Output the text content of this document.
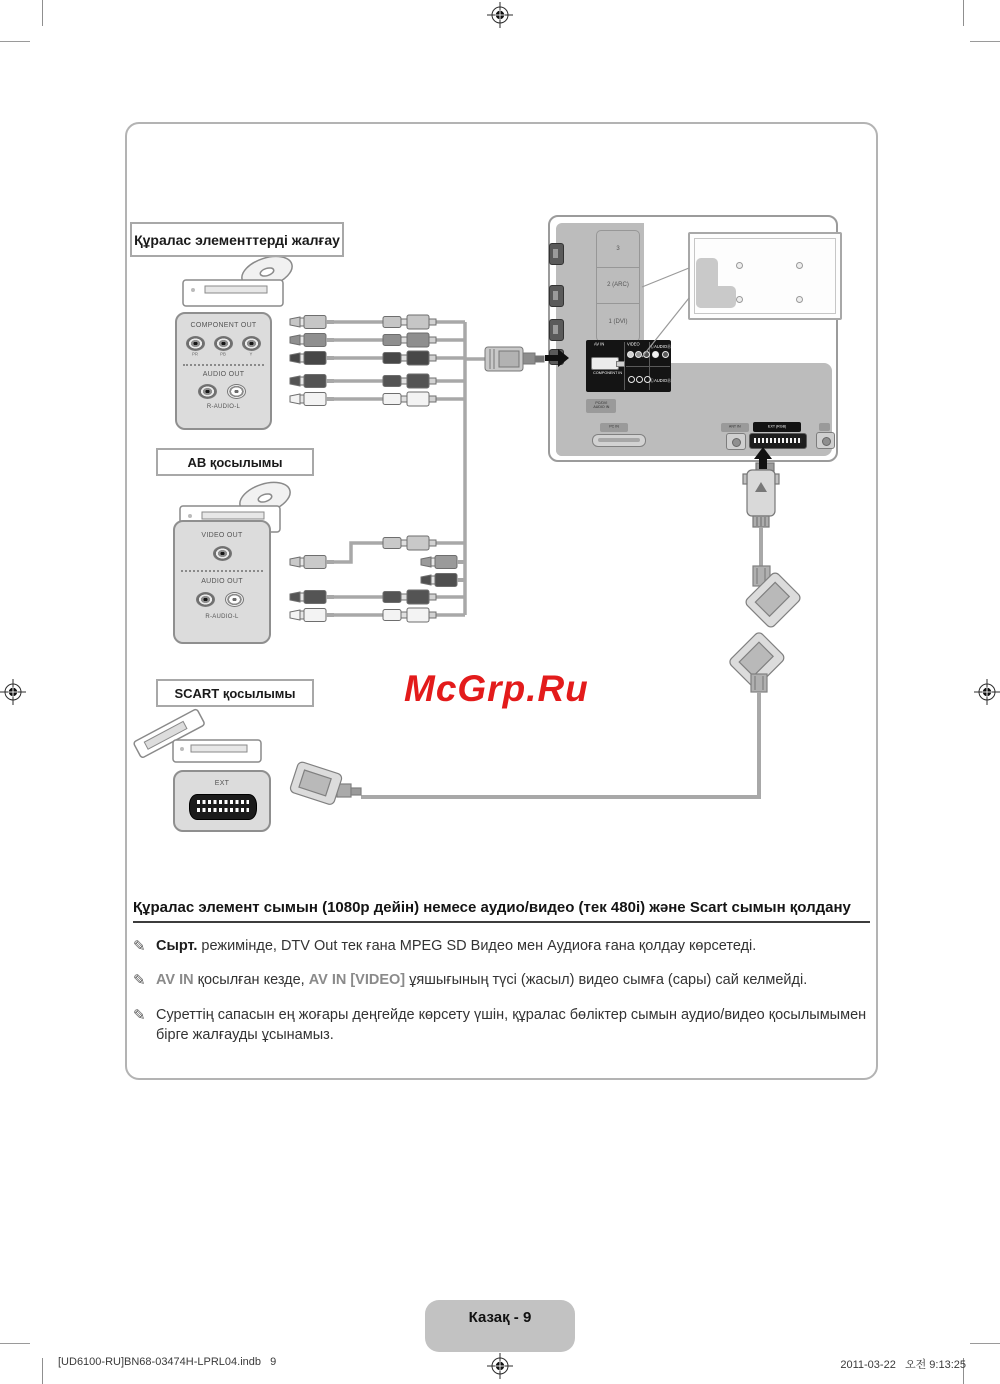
Құралас элементтерді жалғау
АВ қосылымы
SCART қосылымы	McGrp.Ru
COMPONENT OUT
PR	PB	Y
AUDIO OUT
R-AUDIO-L
VIDEO OUT
AUDIO OUT
R-AUDIO-L
EXT
3
2 (ARC)
1 (DVI)
AV IN	VIDEO
ⓁAUDIOⓇ
COMPONENT IN
ⓁAUDIOⓇ
PC/DVI
AUDIO IN
PC IN	ANT IN	EXT (RGB)
Құралас элемент сымын (1080p дейін) немесе аудио/видео (тек 480i) және Scart сымын қолдану
✎ Сырт. режимінде, DTV Out тек ғана MPEG SD Видео мен Аудиоға ғана қолдау көрсетеді.

✎ AV IN қосылған кезде, AV IN [VIDEO] ұяшығының түсі (жасыл) видео сымға (сары) сай келмейді.

✎ Суреттің сапасын ең жоғары деңгейде көрсету үшін, құралас бөліктер сымын аудио/видео қосылымымен бірге жалғауды ұсынамыз.

Казақ - 9
[UD6100-RU]BN68-03474H-LPRL04.indb   9	2011-03-22   오전 9:13:25
